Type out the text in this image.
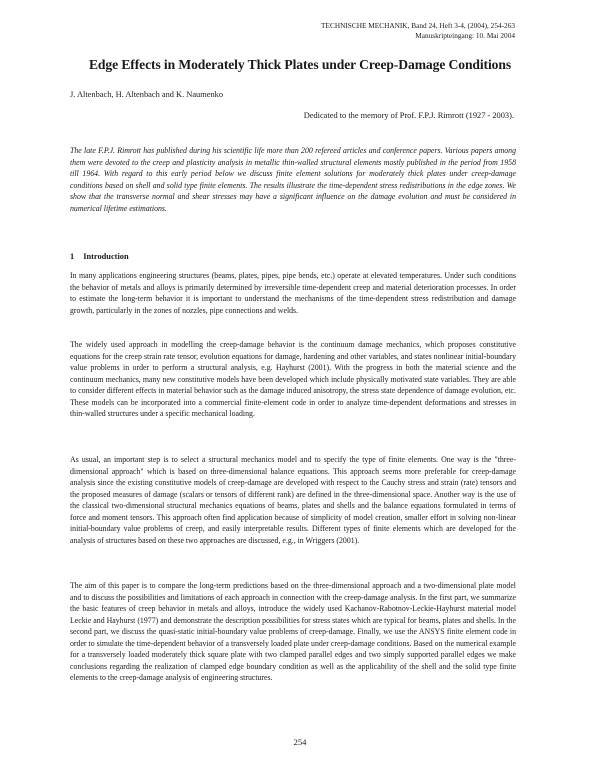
TECHNISCHE MECHANIK, Band 24, Heft 3-4, (2004), 254-263
Manuskripteingang: 10. Mai 2004
Edge Effects in Moderately Thick Plates under Creep-Damage Conditions
J. Altenbach, H. Altenbach and K. Naumenko
Dedicated to the memory of Prof. F.P.J. Rimrott (1927 - 2003).

The late F.P.J. Rimrott has published during his scientific life more than 200 refereed articles and conference papers. Various papers among them were devoted to the creep and plasticity analysis in metallic thin-walled structural elements mostly published in the period from 1958 till 1964. With regard to this early period below we discuss finite element solutions for moderately thick plates under creep-damage conditions based on shell and solid type finite elements. The results illustrate the time-dependent stress redistributions in the edge zones. We show that the transverse normal and shear stresses may have a significant influence on the damage evolution and must be considered in numerical lifetime estimations.

1 Introduction

In many applications engineering structures (beams, plates, pipes, pipe bends, etc.) operate at elevated temperatures. Under such conditions the behavior of metals and alloys is primarily determined by irreversible time-dependent creep and material deterioration processes. In order to estimate the long-term behavior it is important to understand the mechanisms of the time-dependent stress redistribution and damage growth, particularly in the zones of nozzles, pipe connections and welds.

The widely used approach in modelling the creep-damage behavior is the continuum damage mechanics, which proposes constitutive equations for the creep strain rate tensor, evolution equations for damage, hardening and other variables, and states nonlinear initial-boundary value problems in order to perform a structural analysis, e.g. Hayhurst (2001). With the progress in both the material science and the continuum mechanics, many new constitutive models have been developed which include physically motivated state variables. They are able to consider different effects in material behavior such as the damage induced anisotropy, the stress state dependence of damage evolution, etc. These models can be incorporated into a commercial finite-element code in order to analyze time-dependent deformations and stresses in thin-walled structures under a specific mechanical loading.

As usual, an important step is to select a structural mechanics model and to specify the type of finite elements. One way is the "three-dimensional approach" which is based on three-dimensional balance equations. This approach seems more preferable for creep-damage analysis since the existing constitutive models of creep-damage are developed with respect to the Cauchy stress and strain (rate) tensors and the proposed measures of damage (scalars or tensors of different rank) are defined in the three-dimensional space. Another way is the use of the classical two-dimensional structural mechanics equations of beams, plates and shells and the balance equations formulated in terms of force and moment tensors. This approach often find application because of simplicity of model creation, smaller effort in solving non-linear initial-boundary value problems of creep, and easily interpretable results. Different types of finite elements which are developed for the analysis of structures based on these two approaches are discussed, e.g., in Wriggers (2001).

The aim of this paper is to compare the long-term predictions based on the three-dimensional approach and a two-dimensional plate model and to discuss the possibilities and limitations of each approach in connection with the creep-damage analysis. In the first part, we summarize the basic features of creep behavior in metals and alloys, introduce the widely used Kachanov-Rabotnov-Leckie-Hayhurst material model Leckie and Hayhurst (1977) and demonstrate the description possibilities for stress states which are typical for beams, plates and shells. In the second part, we discuss the quasi-static initial-boundary value problems of creep-damage. Finally, we use the ANSYS finite element code in order to simulate the time-dependent behavior of a transversely loaded plate under creep-damage conditions. Based on the numerical example for a transversely loaded moderately thick square plate with two clamped parallel edges and two simply supported parallel edges we make conclusions regarding the realization of clamped edge boundary condition as well as the applicability of the shell and the solid type finite elements to the creep-damage analysis of engineering structures.

254
